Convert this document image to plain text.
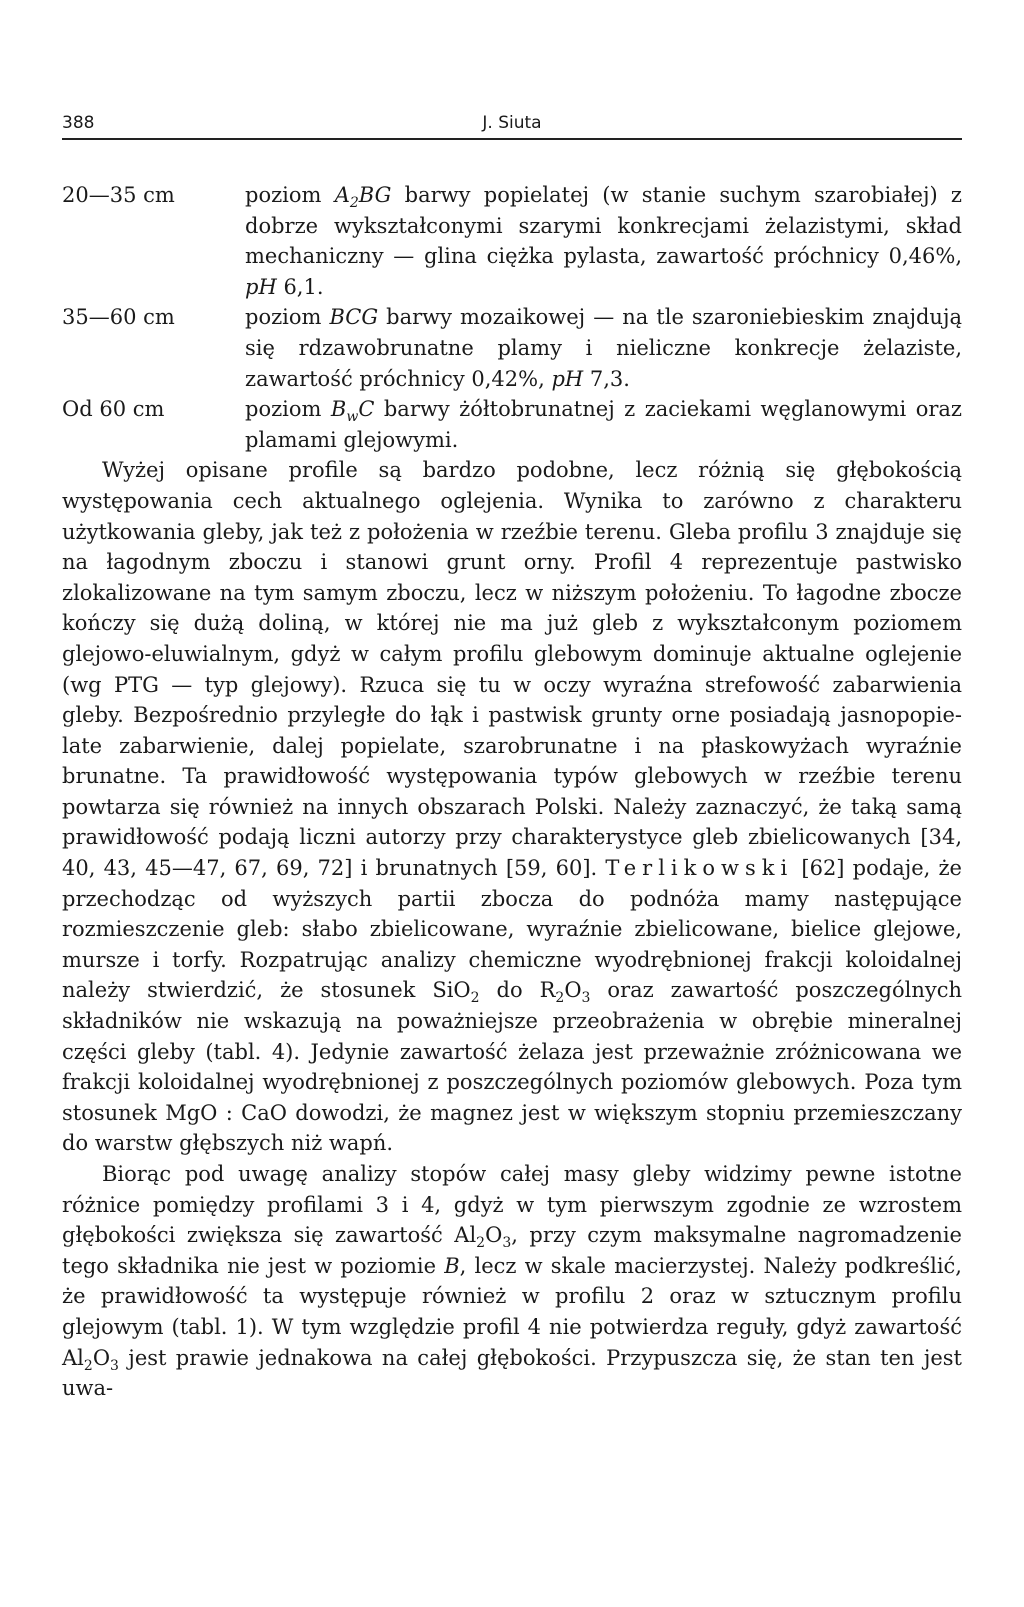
388	J. Siuta
20—35 cm	poziom $A_2BG$ barwy popielatej (w stanie suchym szarobiałej) z dobrze wykształconymi szarymi konkrecjami żelazistymi, skład mechaniczny — glina ciężka pylasta, zawartość próchnicy 0,46%, pH 6,1.
35—60 cm	poziom BCG barwy mozaikowej — na tle szaroniebieskim znajdują się rdzawobrunatne plamy i nieliczne konkrecje żelaziste, zawartość próchnicy 0,42%, pH 7,3.
Od 60 cm	poziom $B_wC$ barwy żółtobrunatnej z zaciekami węglanowymi oraz plamami glejowymi.

Wyżej opisane profile są bardzo podobne, lecz różnią się głębokością występowania cech aktualnego oglejenia. Wynika to zarówno z charakteru użytkowania gleby, jak też z położenia w rzeźbie terenu. Gleba profilu 3 znajduje się na łagodnym zboczu i stanowi grunt orny. Profil 4 reprezentuje pastwisko zlokalizowane na tym samym zboczu, lecz w niższym położeniu. To łagodne zbocze kończy się dużą doliną, w której nie ma już gleb z wykształconym poziomem glejowo-eluwialnym, gdyż w całym profilu glebowym dominuje aktualne oglejenie (wg PTG — typ glejowy). Rzuca się tu w oczy wyraźna strefowość zabarwienia gleby. Bezpośrednio przyległe do łąk i pastwisk grunty orne posiadają jasnopopielate zabarwienie, dalej popielate, szarobrunatne i na płaskowyżach wyraźnie brunatne. Ta prawidłowość występowania typów glebowych w rzeźbie terenu powtarza się również na innych obszarach Polski. Należy zaznaczyć, że taką samą prawidłowość podają liczni autorzy przy charakterystyce gleb zbielicowanych [34, 40, 43, 45—47, 67, 69, 72] i brunatnych [59, 60]. Terlikowski [62] podaje, że przechodząc od wyższych partii zbocza do podnóża mamy następujące rozmieszczenie gleb: słabo zbielicowane, wyraźnie zbielicowane, bielice glejowe, mursze i torfy. Rozpatrując analizy chemiczne wyodrębnionej frakcji koloidalnej należy stwierdzić, że stosunek SiO$_2$ do $R_2O_3$ oraz zawartość poszczególnych składników nie wskazują na poważniejsze przeobrażenia w obrębie mineralnej części gleby (tabl. 4). Jedynie zawartość żelaza jest przeważnie zróżnicowana we frakcji koloidalnej wyodrębnionej z poszczególnych poziomów glebowych. Poza tym stosunek MgO : CaO dowodzi, że magnez jest w większym stopniu przemieszczany do warstw głębszych niż wapń.

Biorąc pod uwagę analizy stopów całej masy gleby widzimy pewne istotne różnice pomiędzy profilami 3 i 4, gdyż w tym pierwszym zgodnie ze wzrostem głębokości zwiększa się zawartość $Al_2O_3$, przy czym maksymalne nagromadzenie tego składnika nie jest w poziomie B, lecz w skale macierzystej. Należy podkreślić, że prawidłowość ta występuje również w profilu 2 oraz w sztucznym profilu glejowym (tabl. 1). W tym względzie profil 4 nie potwierdza reguły, gdyż zawartość $Al_2O_3$ jest prawie jednakowa na całej głębokości. Przypuszcza się, że stan ten jest uwa-
